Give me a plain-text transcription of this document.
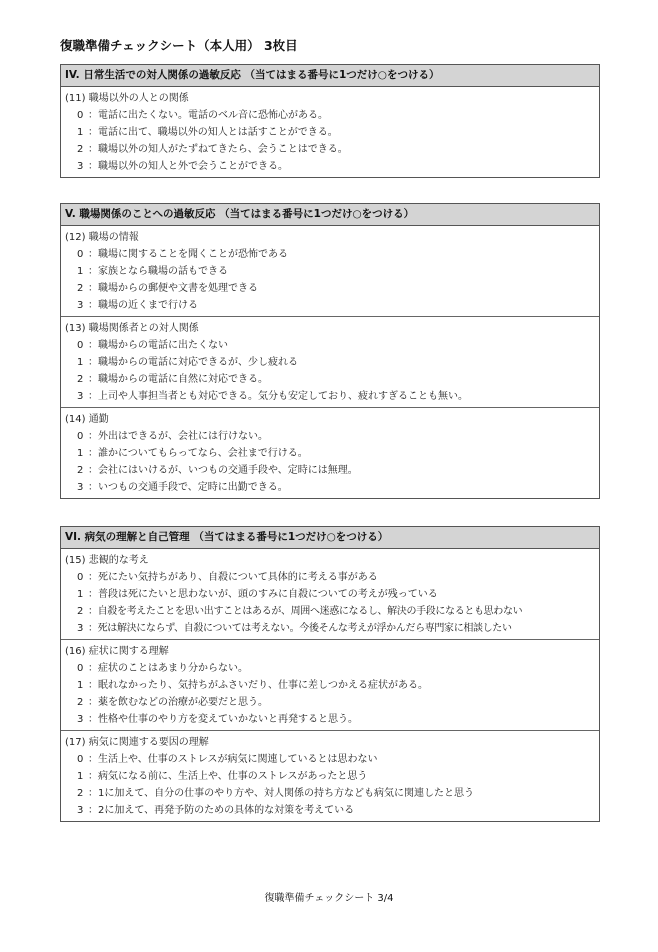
復職準備チェックシート（本人用） 3枚目
IV. 日常生活での対人関係の過敏反応 （当てはまる番号に1つだけ○をつける）
(11) 職場以外の人との関係
0 ：電話に出たくない。電話のベル音に恐怖心がある。
1 ：電話に出て、職場以外の知人とは話すことができる。
2 ：職場以外の知人がたずねてきたら、会うことはできる。
3 ：職場以外の知人と外で会うことができる。
V. 職場関係のことへの過敏反応 （当てはまる番号に1つだけ○をつける）
(12) 職場の情報
0 ：職場に関することを聞くことが恐怖である
1 ：家族となら職場の話もできる
2 ：職場からの郵便や文書を処理できる
3 ：職場の近くまで行ける
(13) 職場関係者との対人関係
0 ：職場からの電話に出たくない
1 ：職場からの電話に対応できるが、少し疲れる
2 ：職場からの電話に自然に対応できる。
3 ：上司や人事担当者とも対応できる。気分も安定しており、疲れすぎることも無い。
(14) 通勤
0 ：外出はできるが、会社には行けない。
1 ：誰かについてもらってなら、会社まで行ける。
2 ：会社にはいけるが、いつもの交通手段や、定時には無理。
3 ：いつもの交通手段で、定時に出勤できる。
VI. 病気の理解と自己管理 （当てはまる番号に1つだけ○をつける）
(15) 悲観的な考え
0 ：死にたい気持ちがあり、自殺について具体的に考える事がある
1 ：普段は死にたいと思わないが、頭のすみに自殺についての考えが残っている
2 ：自殺を考えたことを思い出すことはあるが、周囲へ迷惑になるし、解決の手段になるとも思わない
3 ：死は解決にならず、自殺については考えない。今後そんな考えが浮かんだら専門家に相談したい
(16) 症状に関する理解
0 ：症状のことはあまり分からない。
1 ：眠れなかったり、気持ちがふさいだり、仕事に差しつかえる症状がある。
2 ：薬を飲むなどの治療が必要だと思う。
3 ：性格や仕事のやり方を変えていかないと再発すると思う。
(17) 病気に関連する要因の理解
0 ：生活上や、仕事のストレスが病気に関連しているとは思わない
1 ：病気になる前に、生活上や、仕事のストレスがあったと思う
2 ：1に加えて、自分の仕事のやり方や、対人関係の持ち方なども病気に関連したと思う
3 ：2に加えて、再発予防のための具体的な対策を考えている
復職準備チェックシート 3/4
